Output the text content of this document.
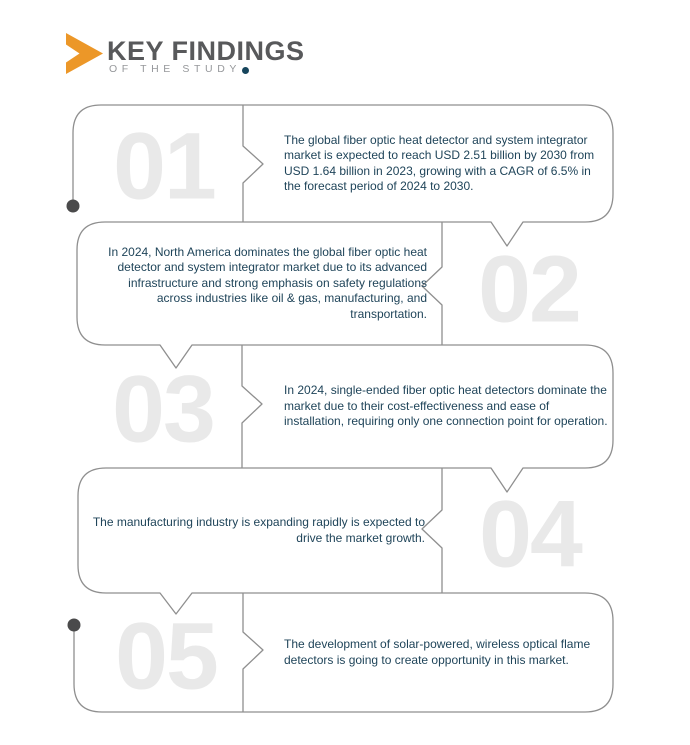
KEY FINDINGS
OF THE STUDY
01
02
03
04
05
The global fiber optic heat detector and system integrator market is expected to reach USD 2.51 billion by 2030 from USD 1.64 billion in 2023, growing with a CAGR of 6.5% in the forecast period of 2024 to 2030.
In 2024, North America dominates the global fiber optic heat detector and system integrator market due to its advanced infrastructure and strong emphasis on safety regulations across industries like oil & gas, manufacturing, and transportation.
In 2024, single-ended fiber optic heat detectors dominate the market due to their cost-effectiveness and ease of installation, requiring only one connection point for operation.
The manufacturing industry is expanding rapidly is expected to drive the market growth.
The development of solar-powered, wireless optical flame detectors is going to create opportunity in this market.
